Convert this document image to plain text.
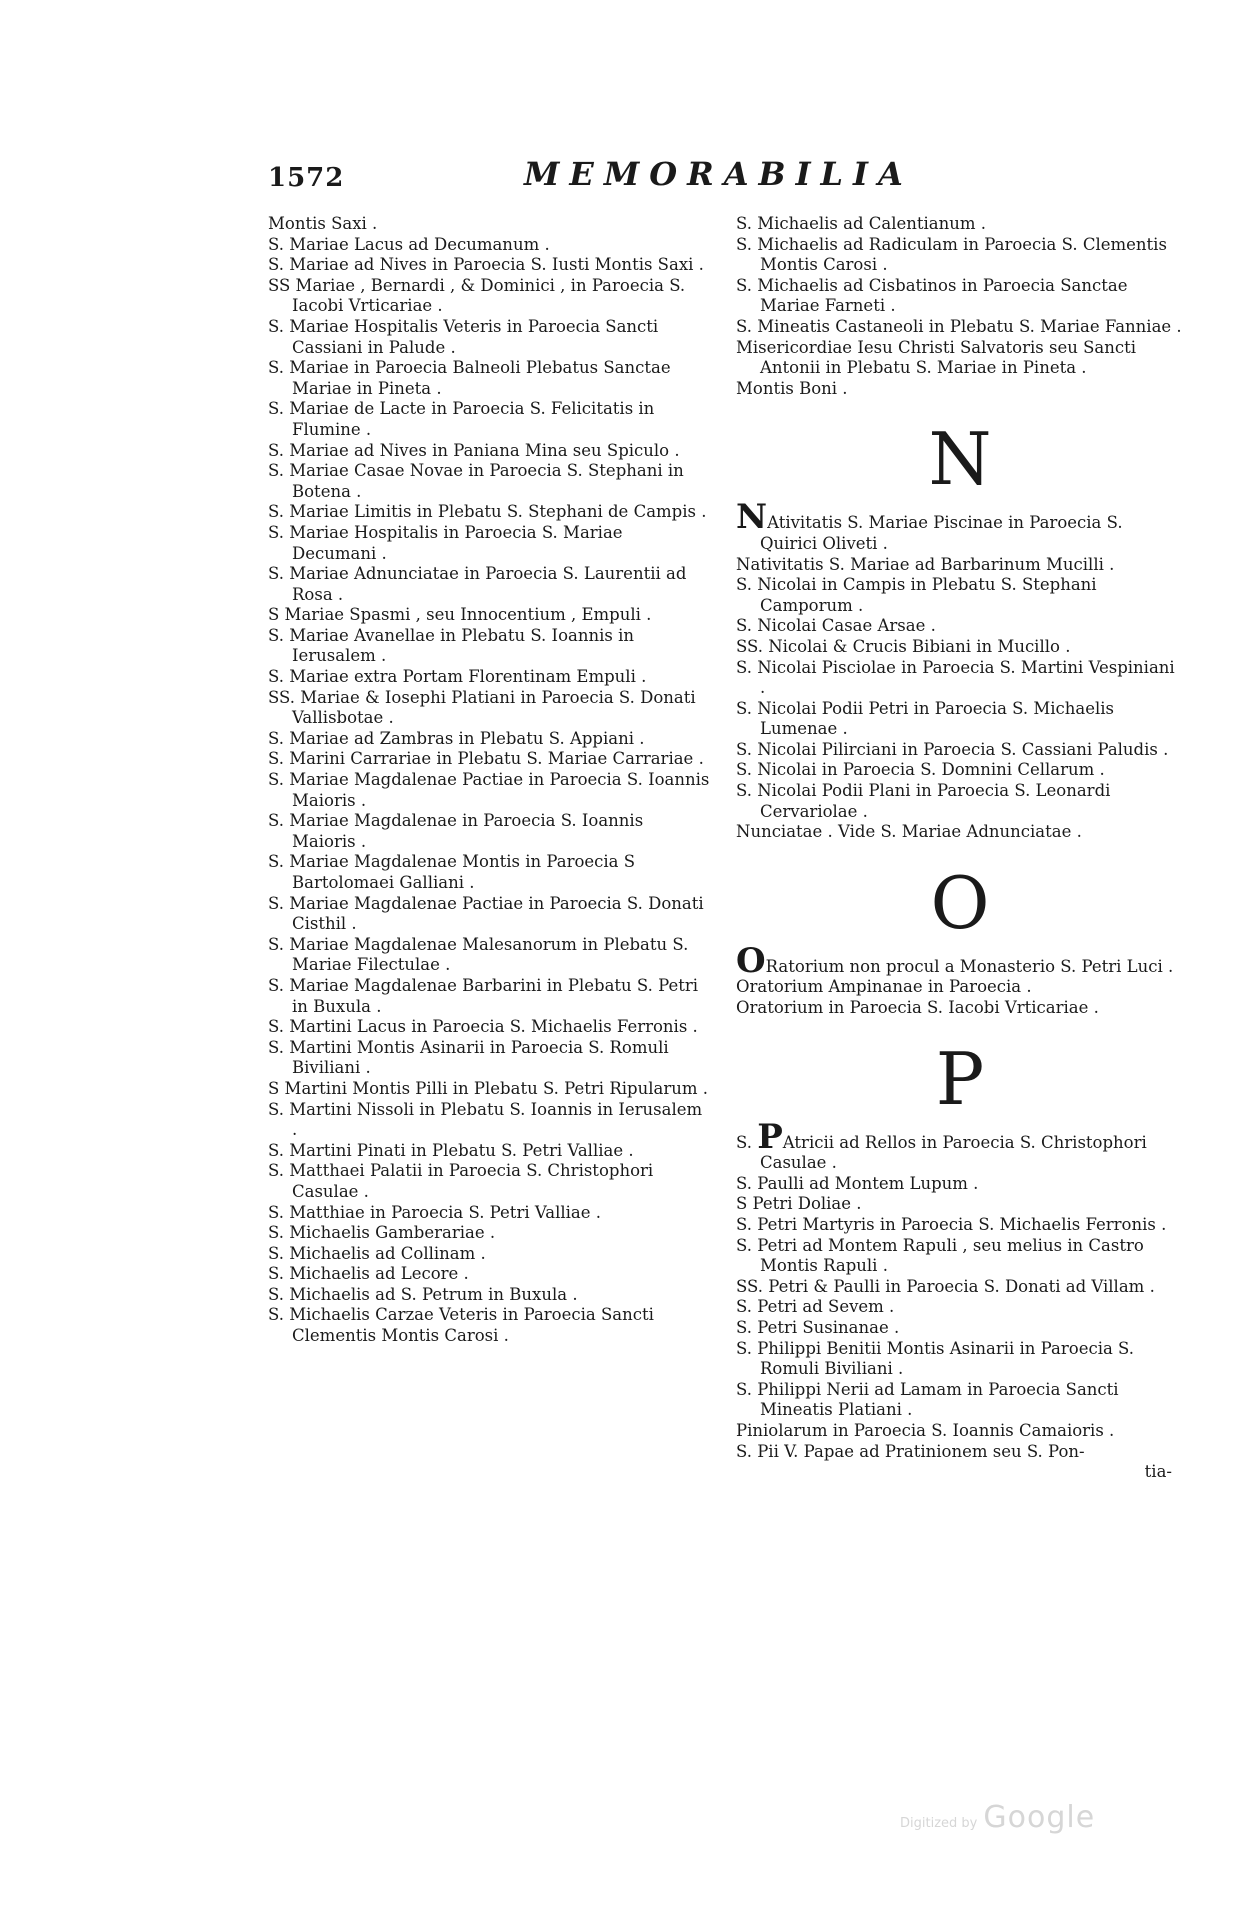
1572	MEMORABILIA

Montis Saxi .

S. Mariae Lacus ad Decumanum .

S. Mariae ad Nives in Paroecia S. Iusti Montis Saxi .

SS Mariae , Bernardi , & Dominici , in Paroecia S. Iacobi Vrticariae .

S. Mariae Hospitalis Veteris in Paroecia Sancti Cassiani in Palude .

S. Mariae in Paroecia Balneoli Plebatus Sanctae Mariae in Pineta .

S. Mariae de Lacte in Paroecia S. Felicitatis in Flumine .

S. Mariae ad Nives in Paniana Mina seu Spiculo .

S. Mariae Casae Novae in Paroecia S. Stephani in Botena .

S. Mariae Limitis in Plebatu S. Stephani de Campis .

S. Mariae Hospitalis in Paroecia S. Mariae Decumani .

S. Mariae Adnunciatae in Paroecia S. Laurentii ad Rosa .

S Mariae Spasmi , seu Innocentium , Empuli .

S. Mariae Avanellae in Plebatu S. Ioannis in Ierusalem .

S. Mariae extra Portam Florentinam Empuli .

SS. Mariae & Iosephi Platiani in Paroecia S. Donati Vallisbotae .

S. Mariae ad Zambras in Plebatu S. Appiani .

S. Marini Carrariae in Plebatu S. Mariae Carrariae .

S. Mariae Magdalenae Pactiae in Paroecia S. Ioannis Maioris .

S. Mariae Magdalenae in Paroecia S. Ioannis Maioris .

S. Mariae Magdalenae Montis in Paroecia S Bartolomaei Galliani .

S. Mariae Magdalenae Pactiae in Paroecia S. Donati Cisthil .

S. Mariae Magdalenae Malesanorum in Plebatu S. Mariae Filectulae .

S. Mariae Magdalenae Barbarini in Plebatu S. Petri in Buxula .

S. Martini Lacus in Paroecia S. Michaelis Ferronis .

S. Martini Montis Asinarii in Paroecia S. Romuli Biviliani .

S Martini Montis Pilli in Plebatu S. Petri Ripularum .

S. Martini Nissoli in Plebatu S. Ioannis in Ierusalem .

S. Martini Pinati in Plebatu S. Petri Valliae .

S. Matthaei Palatii in Paroecia S. Christophori Casulae .

S. Matthiae in Paroecia S. Petri Valliae .

S. Michaelis Gamberariae .

S. Michaelis ad Collinam .

S. Michaelis ad Lecore .

S. Michaelis ad S. Petrum in Buxula .

S. Michaelis Carzae Veteris in Paroecia Sancti Clementis Montis Carosi .

S. Michaelis ad Calentianum .

S. Michaelis ad Radiculam in Paroecia S. Clementis Montis Carosi .

S. Michaelis ad Cisbatinos in Paroecia Sanctae Mariae Farneti .

S. Mineatis Castaneoli in Plebatu S. Mariae Fanniae .

Misericordiae Iesu Christi Salvatoris seu Sancti Antonii in Plebatu S. Mariae in Pineta .

Montis Boni .

N

NAtivitatis S. Mariae Piscinae in Paroecia S. Quirici Oliveti .

Nativitatis S. Mariae ad Barbarinum Mucilli .

S. Nicolai in Campis in Plebatu S. Stephani Camporum .

S. Nicolai Casae Arsae .

SS. Nicolai & Crucis Bibiani in Mucillo .

S. Nicolai Pisciolae in Paroecia S. Martini Vespiniani .

S. Nicolai Podii Petri in Paroecia S. Michaelis Lumenae .

S. Nicolai Pilirciani in Paroecia S. Cassiani Paludis .

S. Nicolai in Paroecia S. Domnini Cellarum .

S. Nicolai Podii Plani in Paroecia S. Leonardi Cervariolae .

Nunciatae . Vide S. Mariae Adnunciatae .

O

ORatorium non procul a Monasterio S. Petri Luci .

Oratorium Ampinanae in Paroecia .

Oratorium in Paroecia S. Iacobi Vrticariae .

P

S. PAtricii ad Rellos in Paroecia S. Christophori Casulae .

S. Paulli ad Montem Lupum .

S Petri Doliae .

S. Petri Martyris in Paroecia S. Michaelis Ferronis .

S. Petri ad Montem Rapuli , seu melius in Castro Montis Rapuli .

SS. Petri & Paulli in Paroecia S. Donati ad Villam .

S. Petri ad Sevem .

S. Petri Susinanae .

S. Philippi Benitii Montis Asinarii in Paroecia S. Romuli Biviliani .

S. Philippi Nerii ad Lamam in Paroecia Sancti Mineatis Platiani .

Piniolarum in Paroecia S. Ioannis Camaioris .

S. Pii V. Papae ad Pratinionem seu S. Pon-

tia-

Digitized by Google
